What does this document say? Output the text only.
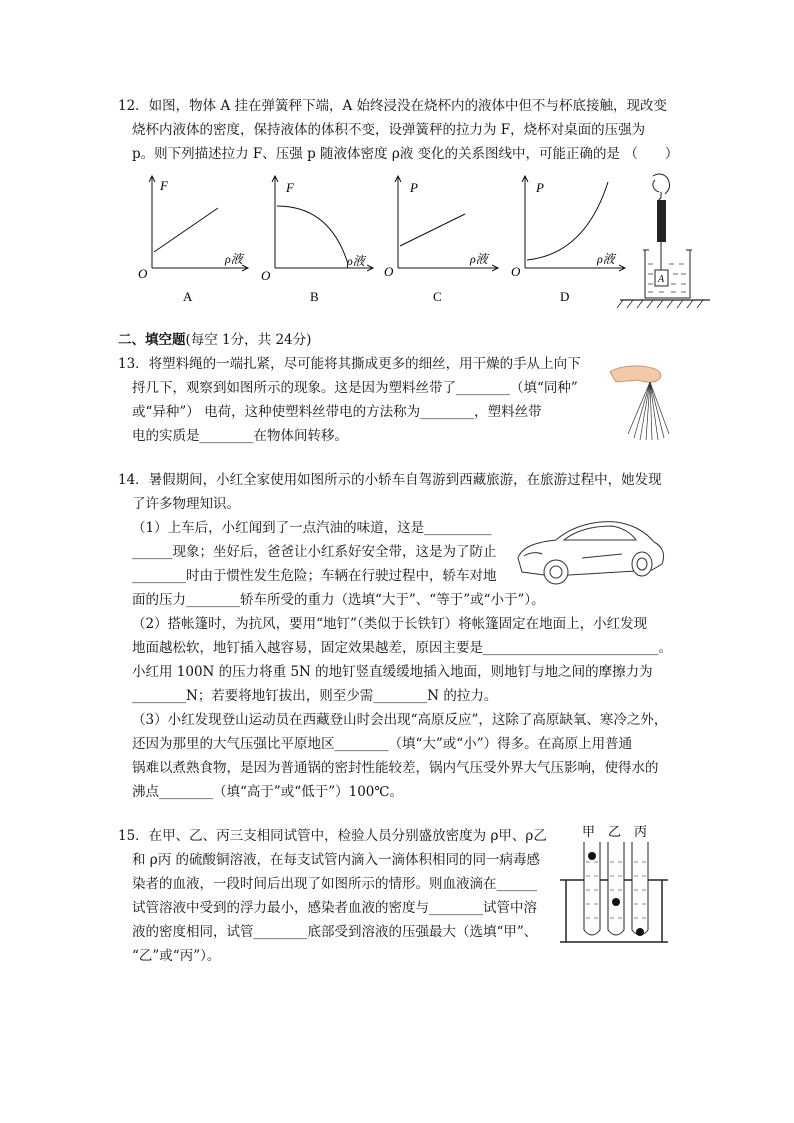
12．如图，物体 A 挂在弹簧秤下端，A 始终浸没在烧杯内的液体中但不与杯底接触，现改变
烧杯内液体的密度，保持液体的体积不变，设弹簧秤的拉力为 F，烧杯对桌面的压强为
p。则下列描述拉力 F、压强 p 随液体密度 ρ液 变化的关系图线中，可能正确的是 （　　）
F
O
ρ液
A
F
O
ρ液
B
P
O
ρ液
C
P
O
ρ液
D
A
二、填空题(每空 1分，共 24分)
13．将塑料绳的一端扎紧，尽可能将其撕成更多的细丝，用干燥的手从上向下
捋几下，观察到如图所示的现象。这是因为塑料丝带了________（填“同种”
或“异种”） 电荷，这种使塑料丝带电的方法称为________，塑料丝带
电的实质是________在物体间转移。
14．暑假期间，小红全家使用如图所示的小轿车自驾游到西藏旅游，在旅游过程中，她发现
了许多物理知识。
（1）上车后，小红闻到了一点汽油的味道，这是__________
______现象；坐好后，爸爸让小红系好安全带，这是为了防止
________时由于惯性发生危险；车辆在行驶过程中，轿车对地
面的压力________轿车所受的重力（选填“大于”、“等于”或“小于”）。
（2）搭帐篷时，为抗风，要用“地钉”（类似于长铁钉）将帐篷固定在地面上，小红发现
地面越松软，地钉插入越容易，固定效果越差，原因主要是__________________________。
小红用 100N 的压力将重 5N 的地钉竖直缓缓地插入地面，则地钉与地之间的摩擦力为
________N；若要将地钉拔出，则至少需________N 的拉力。
（3）小红发现登山运动员在西藏登山时会出现“高原反应”，这除了高原缺氧、寒冷之外，
还因为那里的大气压强比平原地区________（填“大”或“小”）得多。在高原上用普通
锅难以煮熟食物，是因为普通锅的密封性能较差，锅内气压受外界大气压影响，使得水的
沸点________（填“高于”或“低于”）100℃。
15．在甲、乙、丙三支相同试管中，检验人员分别盛放密度为 ρ甲、ρ乙
和 ρ丙 的硫酸铜溶液，在每支试管内滴入一滴体积相同的同一病毒感
染者的血液，一段时间后出现了如图所示的情形。则血液滴在______
试管溶液中受到的浮力最小，感染者血液的密度与________试管中溶
液的密度相同，试管________底部受到溶液的压强最大（选填“甲”、
“乙”或“丙”）。
甲 乙 丙
